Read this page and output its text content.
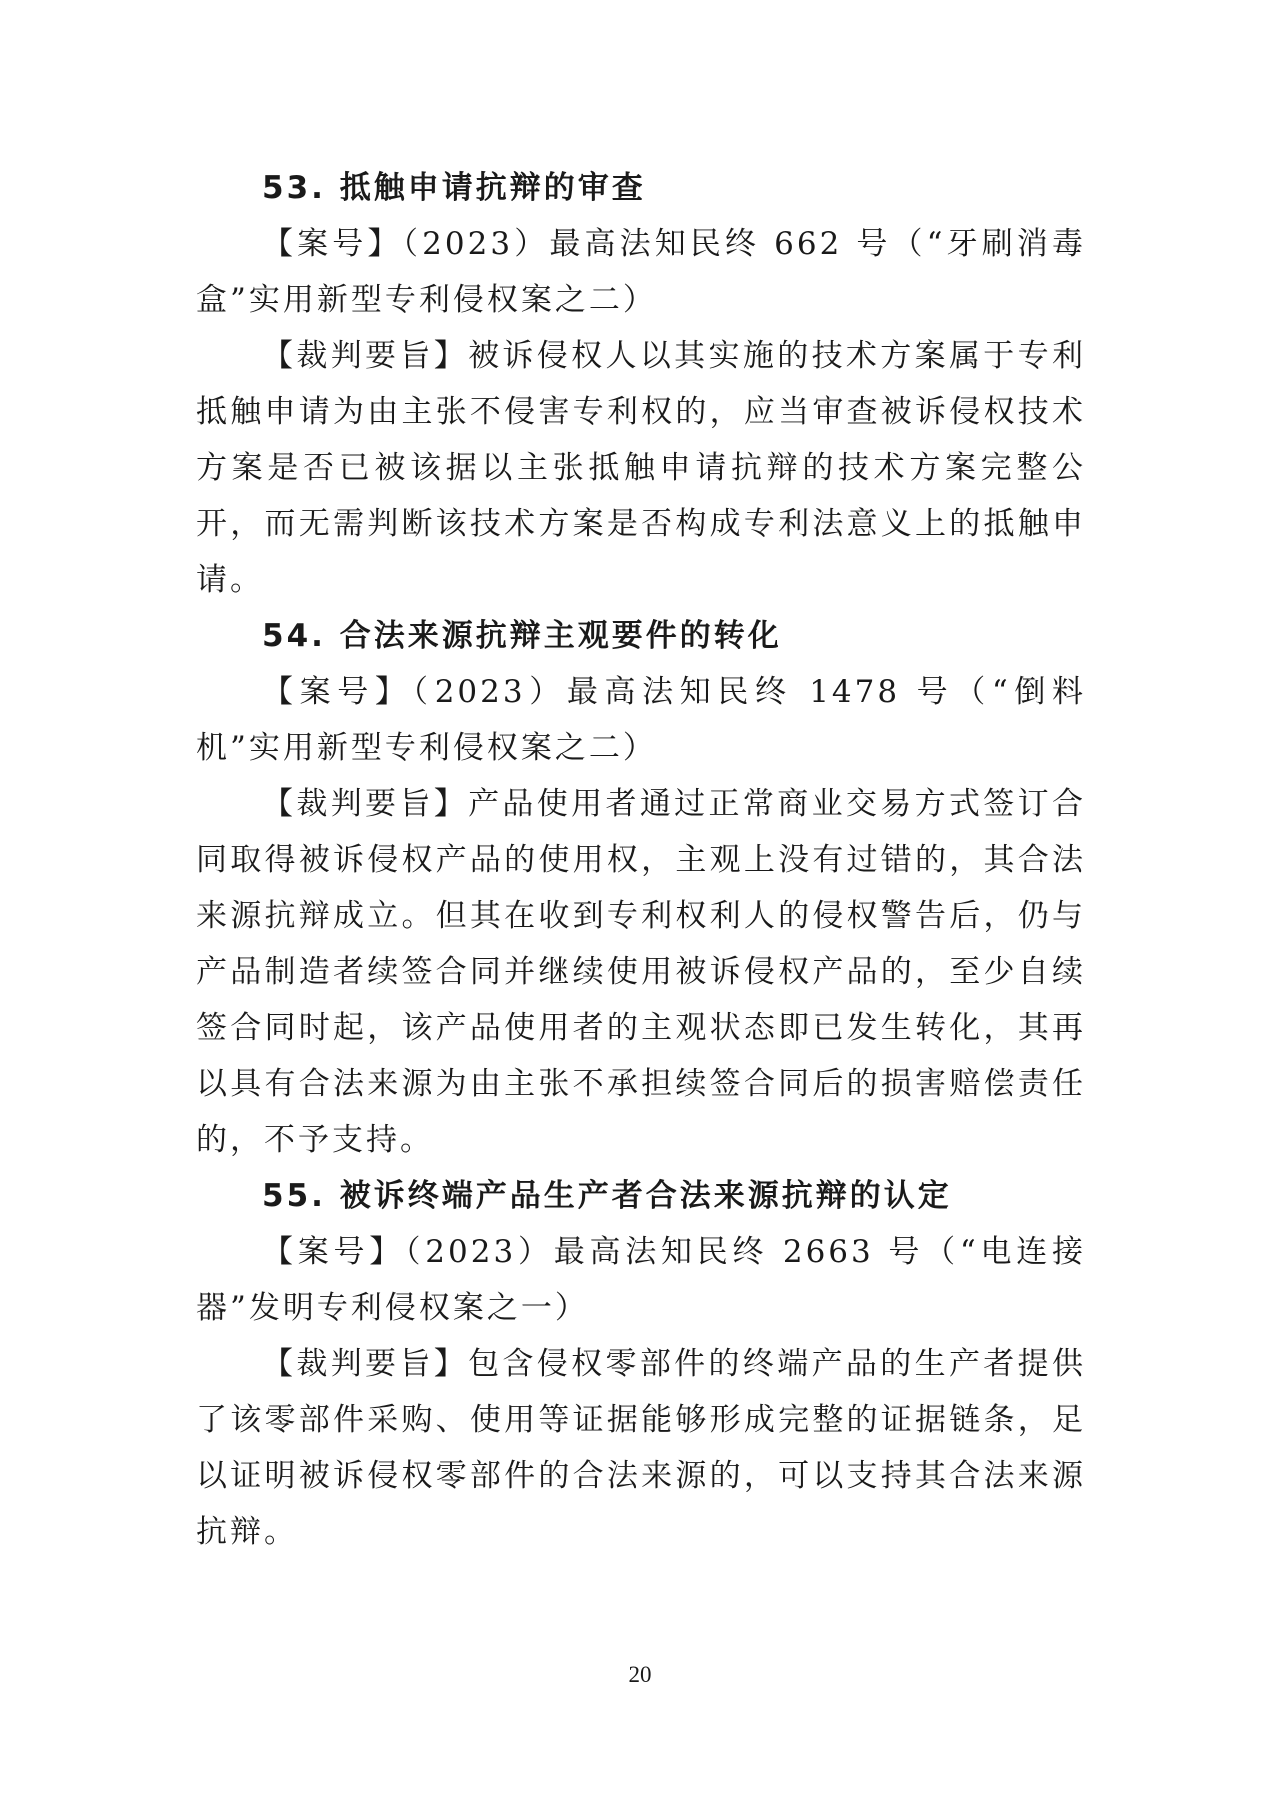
53. 抵触申请抗辩的审查

【案号】（2023）最高法知民终 662 号（“牙刷消毒盒”实用新型专利侵权案之二）

【裁判要旨】被诉侵权人以其实施的技术方案属于专利抵触申请为由主张不侵害专利权的，应当审查被诉侵权技术方案是否已被该据以主张抵触申请抗辩的技术方案完整公开，而无需判断该技术方案是否构成专利法意义上的抵触申请。

54. 合法来源抗辩主观要件的转化

【案号】（2023）最高法知民终 1478 号（“倒料机”实用新型专利侵权案之二）

【裁判要旨】产品使用者通过正常商业交易方式签订合同取得被诉侵权产品的使用权，主观上没有过错的，其合法来源抗辩成立。但其在收到专利权利人的侵权警告后，仍与产品制造者续签合同并继续使用被诉侵权产品的，至少自续签合同时起，该产品使用者的主观状态即已发生转化，其再以具有合法来源为由主张不承担续签合同后的损害赔偿责任的，不予支持。

55. 被诉终端产品生产者合法来源抗辩的认定

【案号】（2023）最高法知民终 2663 号（“电连接器”发明专利侵权案之一）

【裁判要旨】包含侵权零部件的终端产品的生产者提供了该零部件采购、使用等证据能够形成完整的证据链条，足以证明被诉侵权零部件的合法来源的，可以支持其合法来源抗辩。

20
